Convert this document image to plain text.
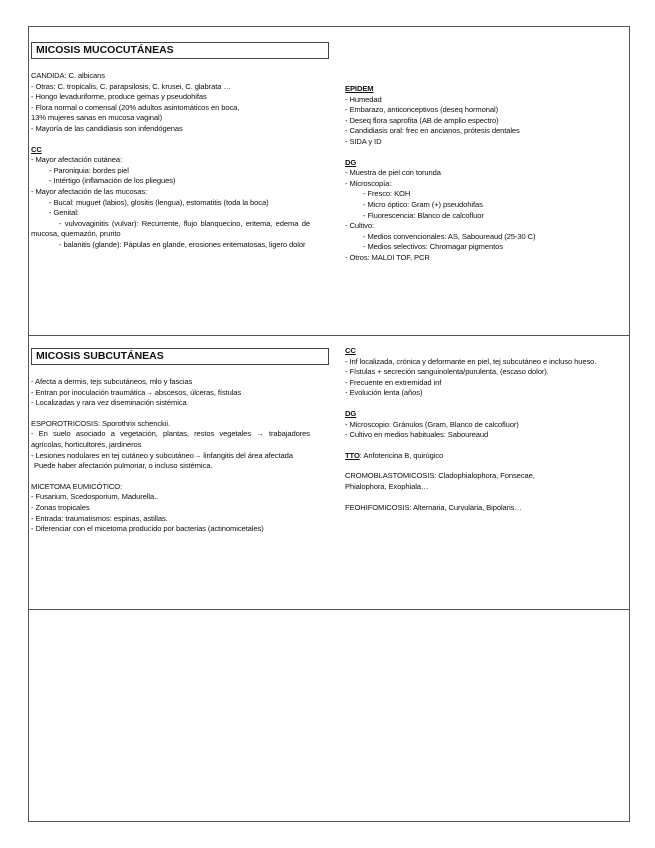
MICOSIS MUCOCUTÁNEAS

CANDIDA: C. albicans

- Otras: C. tropicalis, C. parapsilosis, C. krusei, C. glabrata …

- Hongo levaduriforme, produce gemas y pseudohifas

- Flora normal o comensal (20% adultos asintomáticos en boca,

13% mujeres sanas en mucosa vaginal)

- Mayoría de las candidiasis son infendógenas

CC

- Mayor afectación cutánea:

- Paroniquia: bordes piel

- Intértigo (inflamación de los pliegues)

- Mayor afectación de las mucosas:

- Bucal: muguet (labios), glositis (lengua), estomatitis (toda la boca)

- Genital:

- vulvovaginitis (vulvar): Recurrente, flujo blanquecino, eritema, edema de mucosa, quemazón, prurito

- balanitis (glande): Pápulas en glande, erosiones eritematosas, ligero dolor

EPIDEM

- Humedad

- Embarazo, anticonceptivos (deseq hormonal)

- Deseq flora saprofita (AB de amplio espectro)

- Candidiasis oral: frec en ancianos, prótesis dentales

- SIDA y ID

DG

- Muestra de piel con torunda

- Microscopía:

- Fresco: KOH

- Micro óptico: Gram (+) pseudohifas

- Fluorescencia: Blanco de calcofluor

- Cultivo:

- Medios convencionales: AS, Saboureaud (25-30 C)

- Medios selectivos: Chromagar pigmentos

- Otros: MALDI TOF, PCR

MICOSIS SUBCUTÁNEAS

- Afecta a dermis, tejs subcutáneos, mlo y fascias

- Entran por inoculación traumática→ abscesos, úlceras, fístulas

- Localizadas y rara vez diseminación sistémica

ESPOROTRICOSIS: Sporothrix schenckii.

- En suelo asociado a vegetación, plantas, restos vegetales → trabajadores agrícolas, horticultores, jardineros

- Lesiones nodulares en tej cutáneo y subcutáneo→ linfangitis del área afectada

Puede haber afectación pulmonar, o incluso sistémica.

MICETOMA EUMICÓTICO:

- Fusarium, Scedosporium, Madurella..

- Zonas tropicales

- Entrada: traumatismos: espinas, astillas.

- Diferenciar con el micetoma producido por bacterias (actinomicetales)

CC

- Inf localizada, crónica y deformante en piel, tej subcutáneo e incluso hueso.

- Fístulas + secreción sanguinolenta/purulenta, (escaso dolor).

- Frecuente en extremidad inf

- Evolución lenta (años)

DG

- Microscopio: Gránulos (Gram, Blanco de calcofluor)

- Cultivo en medios habituales: Saboureaud

TTO: Anfotericina B, quirúgico

CROMOBLASTOMICOSIS: Cladophialophora, Fonsecae, Phialophora, Exophiala…

FEOHIFOMICOSIS: Alternaria, Curvularia, Bipolaris…
